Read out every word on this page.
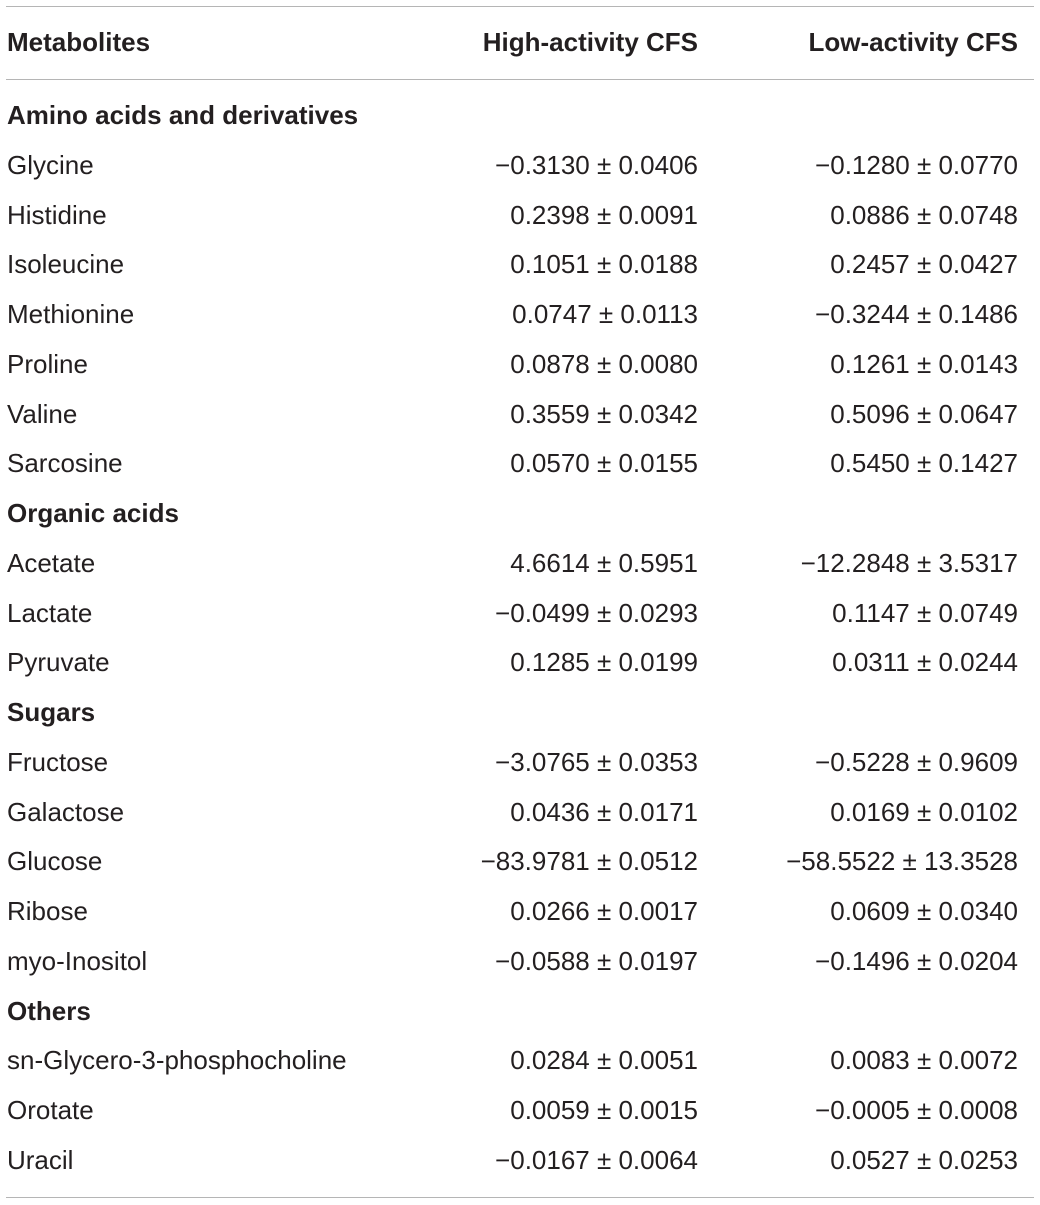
Metabolites	High-activity CFS	Low-activity CFS
Amino acids and derivatives
Glycine	−0.3130 ± 0.0406	−0.1280 ± 0.0770
Histidine	0.2398 ± 0.0091	0.0886 ± 0.0748
Isoleucine	0.1051 ± 0.0188	0.2457 ± 0.0427
Methionine	0.0747 ± 0.0113	−0.3244 ± 0.1486
Proline	0.0878 ± 0.0080	0.1261 ± 0.0143
Valine	0.3559 ± 0.0342	0.5096 ± 0.0647
Sarcosine	0.0570 ± 0.0155	0.5450 ± 0.1427
Organic acids
Acetate	4.6614 ± 0.5951	−12.2848 ± 3.5317
Lactate	−0.0499 ± 0.0293	0.1147 ± 0.0749
Pyruvate	0.1285 ± 0.0199	0.0311 ± 0.0244
Sugars
Fructose	−3.0765 ± 0.0353	−0.5228 ± 0.9609
Galactose	0.0436 ± 0.0171	0.0169 ± 0.0102
Glucose	−83.9781 ± 0.0512	−58.5522 ± 13.3528
Ribose	0.0266 ± 0.0017	0.0609 ± 0.0340
myo-Inositol	−0.0588 ± 0.0197	−0.1496 ± 0.0204
Others
sn-Glycero-3-phosphocholine	0.0284 ± 0.0051	0.0083 ± 0.0072
Orotate	0.0059 ± 0.0015	−0.0005 ± 0.0008
Uracil	−0.0167 ± 0.0064	0.0527 ± 0.0253
